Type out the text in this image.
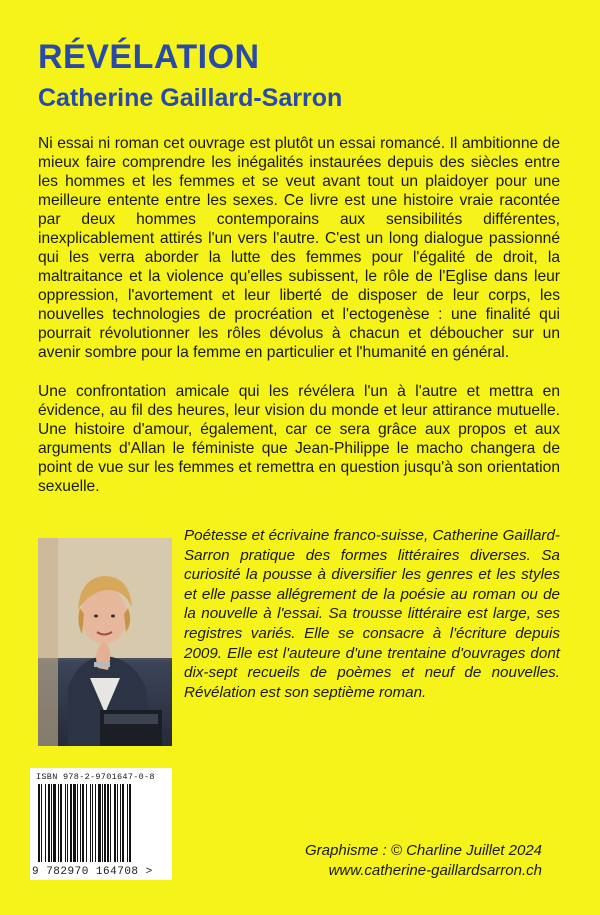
RÉVÉLATION
Catherine Gaillard-Sarron

Ni essai ni roman cet ouvrage est plutôt un essai romancé. Il ambitionne de mieux faire comprendre les inégalités instaurées depuis des siècles entre les hommes et les femmes et se veut avant tout un plaidoyer pour une meilleure entente entre les sexes. Ce livre est une histoire vraie racontée par deux hommes contemporains aux sensibilités différentes, inexplicablement attirés l'un vers l'autre. C'est un long dialogue passionné qui les verra aborder la lutte des femmes pour l'égalité de droit, la maltraitance et la violence qu'elles subissent, le rôle de l'Eglise dans leur oppression, l'avortement et leur liberté de disposer de leur corps, les nouvelles technologies de procréation et l'ectogenèse : une finalité qui pourrait révolutionner les rôles dévolus à chacun et déboucher sur un avenir sombre pour la femme en particulier et l'humanité en général.

Une confrontation amicale qui les révélera l'un à l'autre et mettra en évidence, au fil des heures, leur vision du monde et leur attirance mutuelle. Une histoire d'amour, également, car ce sera grâce aux propos et aux arguments d'Allan le féministe que Jean-Philippe le macho changera de point de vue sur les femmes et remettra en question jusqu'à son orientation sexuelle.

Poétesse et écrivaine franco-suisse, Catherine Gaillard-Sarron pratique des formes littéraires diverses. Sa curiosité la pousse à diversifier les genres et les styles et elle passe allégrement de la poésie au roman ou de la nouvelle à l'essai. Sa trousse littéraire est large, ses registres variés. Elle se consacre à l'écriture depuis 2009. Elle est l'auteure d'une trentaine d'ouvrages dont dix-sept recueils de poèmes et neuf de nouvelles. Révélation est son septième roman.

ISBN 978-2-9701647-0-8
9 782970 164708 >

Graphisme : © Charline Juillet 2024

www.catherine-gaillardsarron.ch
